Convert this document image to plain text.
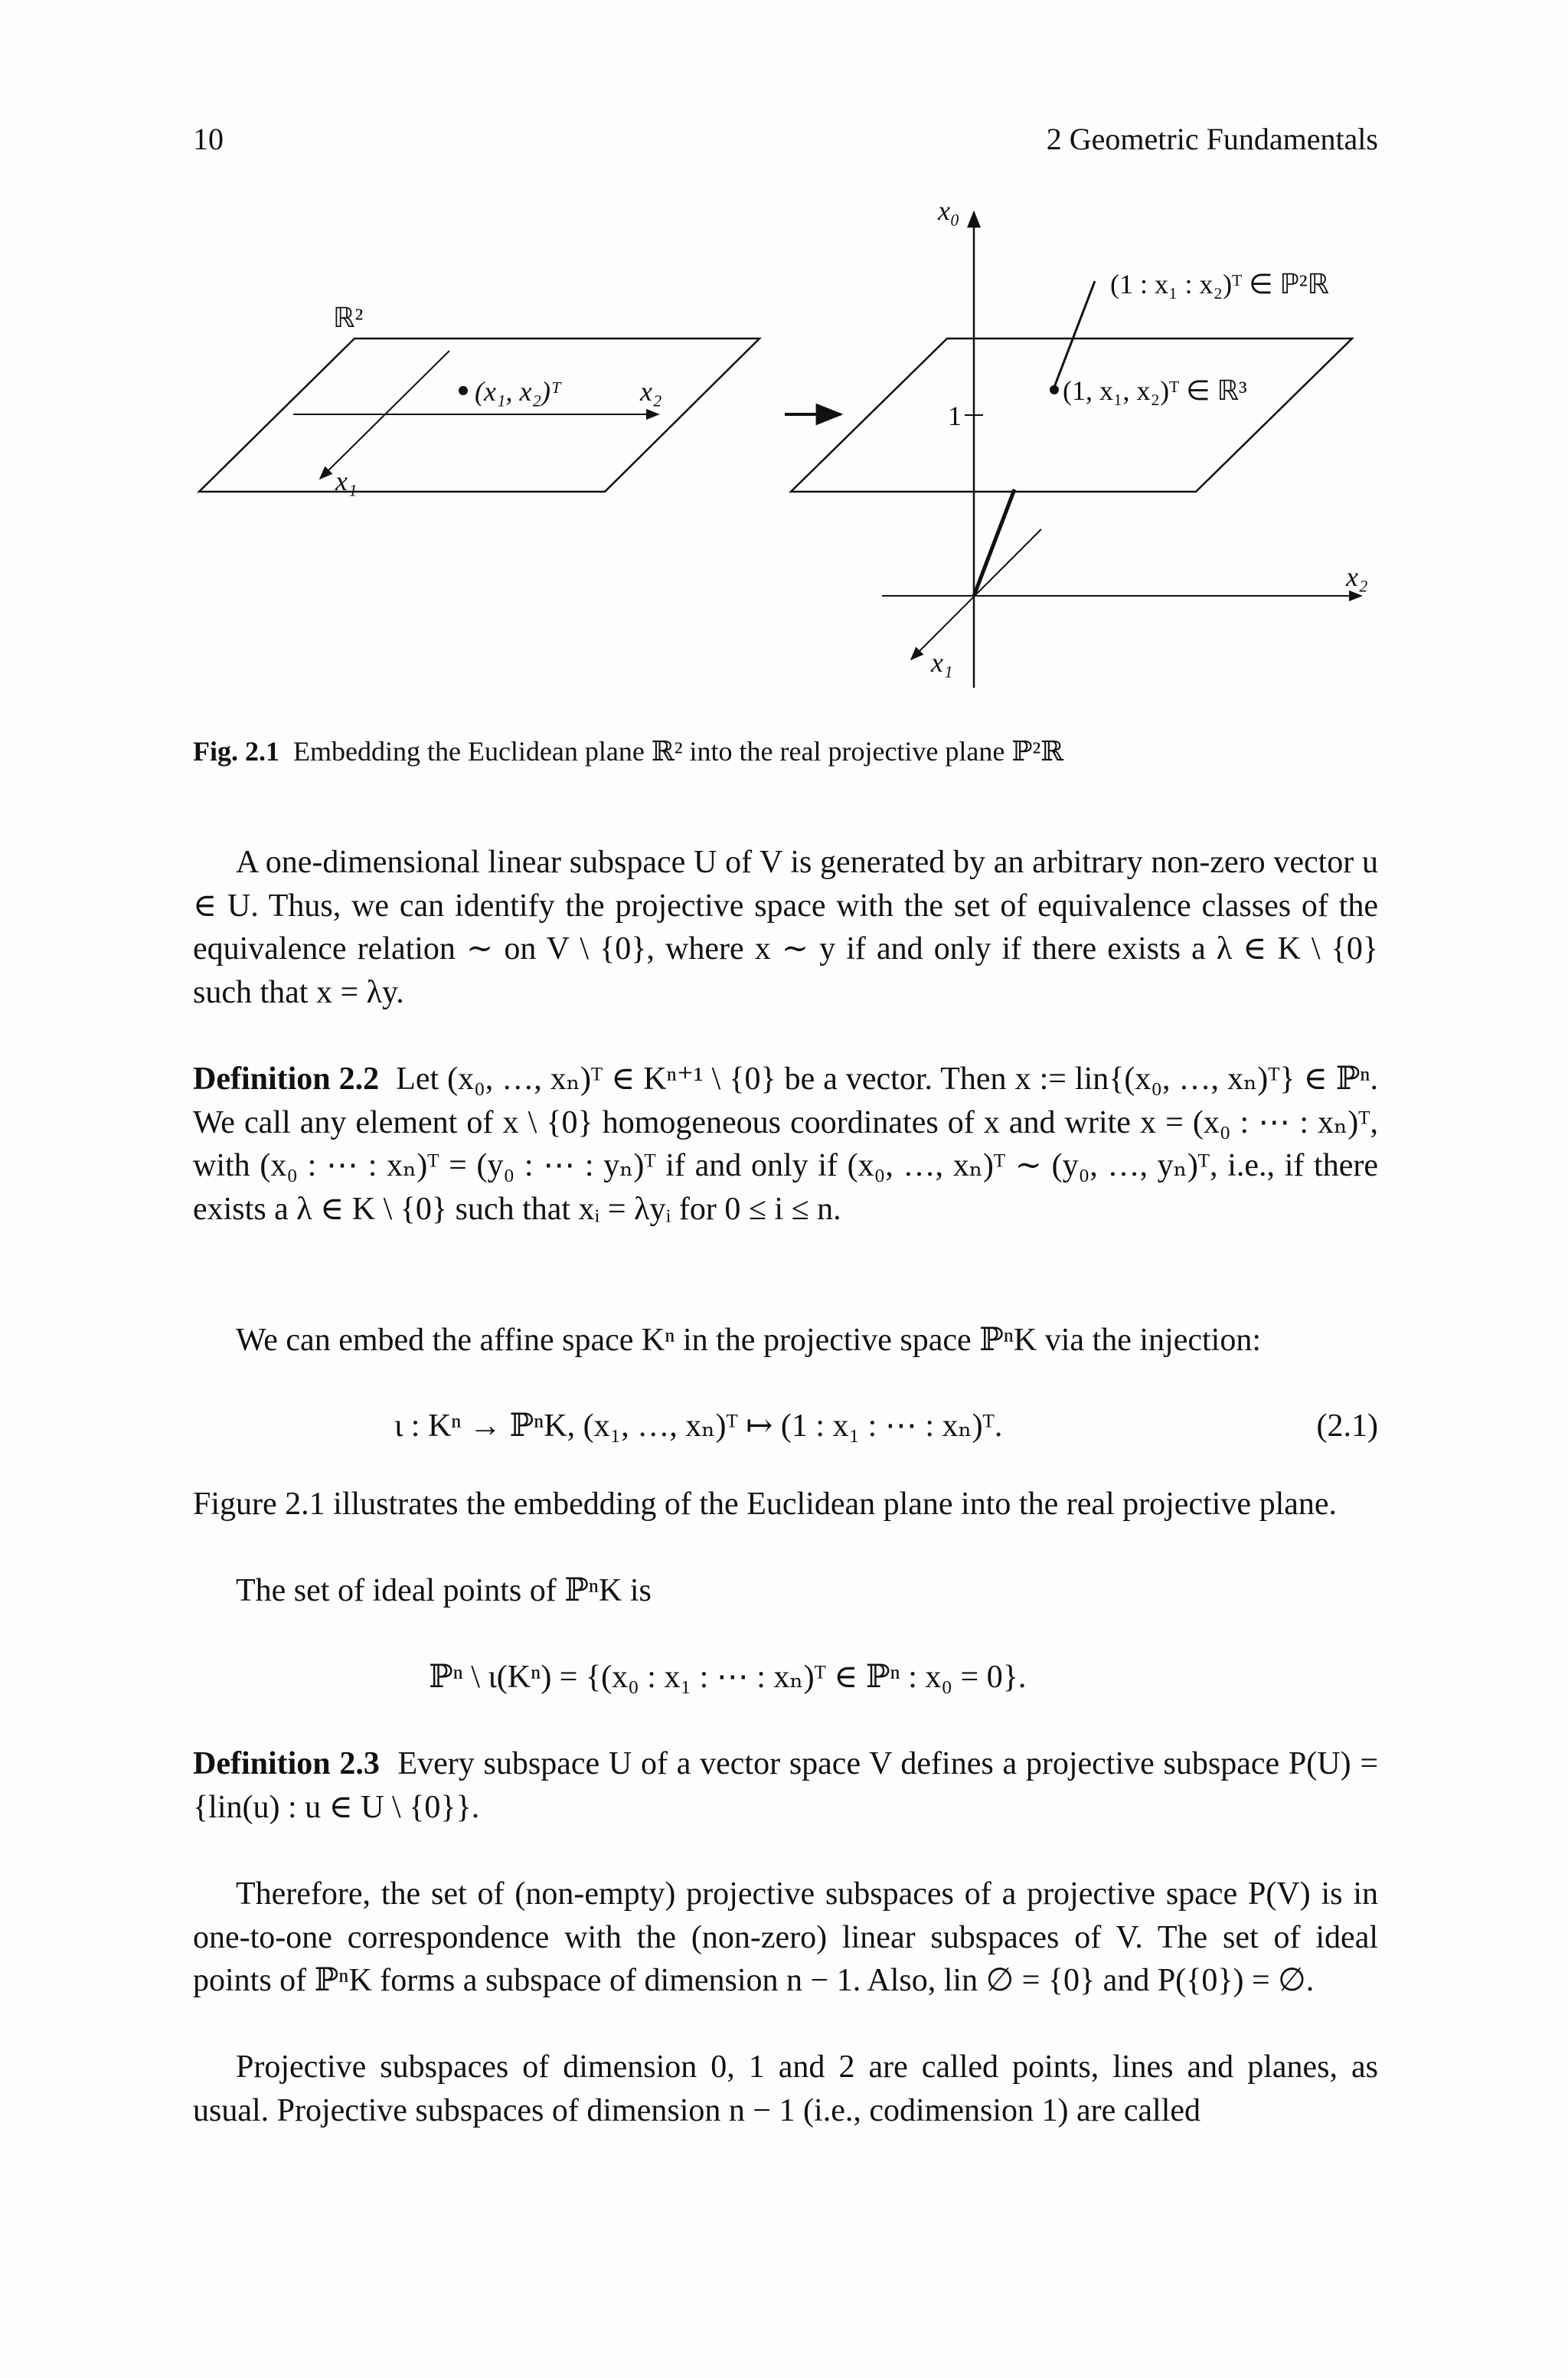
10	2 Geometric Fundamentals
ℝ²
(x₁, x₂)ᵀ	x₂
x₁
x₀
(1 : x₁ : x₂)ᵀ ∈ ℙ²ℝ
(1, x₁, x₂)ᵀ ∈ ℝ³
1
x₂
x₁
Fig. 2.1 Embedding the Euclidean plane ℝ² into the real projective plane ℙ²ℝ

A one-dimensional linear subspace U of V is generated by an arbitrary non-zero vector u ∈ U. Thus, we can identify the projective space with the set of equivalence classes of the equivalence relation ∼ on V \ {0}, where x ∼ y if and only if there exists a λ ∈ K \ {0} such that x = λy.

Definition 2.2 Let (x₀, …, xₙ)ᵀ ∈ Kⁿ⁺¹ \ {0} be a vector. Then x := lin{(x₀, …, xₙ)ᵀ} ∈ ℙⁿ. We call any element of x \ {0} homogeneous coordinates of x and write x = (x₀ : ⋯ : xₙ)ᵀ, with (x₀ : ⋯ : xₙ)ᵀ = (y₀ : ⋯ : yₙ)ᵀ if and only if (x₀, …, xₙ)ᵀ ∼ (y₀, …, yₙ)ᵀ, i.e., if there exists a λ ∈ K \ {0} such that xᵢ = λyᵢ for 0 ≤ i ≤ n.

We can embed the affine space Kⁿ in the projective space ℙⁿK via the injection:

ι : Kⁿ → ℙⁿK, (x₁, …, xₙ)ᵀ ↦ (1 : x₁ : ⋯ : xₙ)ᵀ.	(2.1)

Figure 2.1 illustrates the embedding of the Euclidean plane into the real projective plane.

The set of ideal points of ℙⁿK is

ℙⁿ \ ι(Kⁿ) = {(x₀ : x₁ : ⋯ : xₙ)ᵀ ∈ ℙⁿ : x₀ = 0}.

Definition 2.3 Every subspace U of a vector space V defines a projective subspace P(U) = {lin(u) : u ∈ U \ {0}}.

Therefore, the set of (non-empty) projective subspaces of a projective space P(V) is in one-to-one correspondence with the (non-zero) linear subspaces of V. The set of ideal points of ℙⁿK forms a subspace of dimension n − 1. Also, lin ∅ = {0} and P({0}) = ∅.

Projective subspaces of dimension 0, 1 and 2 are called points, lines and planes, as usual. Projective subspaces of dimension n − 1 (i.e., codimension 1) are called
